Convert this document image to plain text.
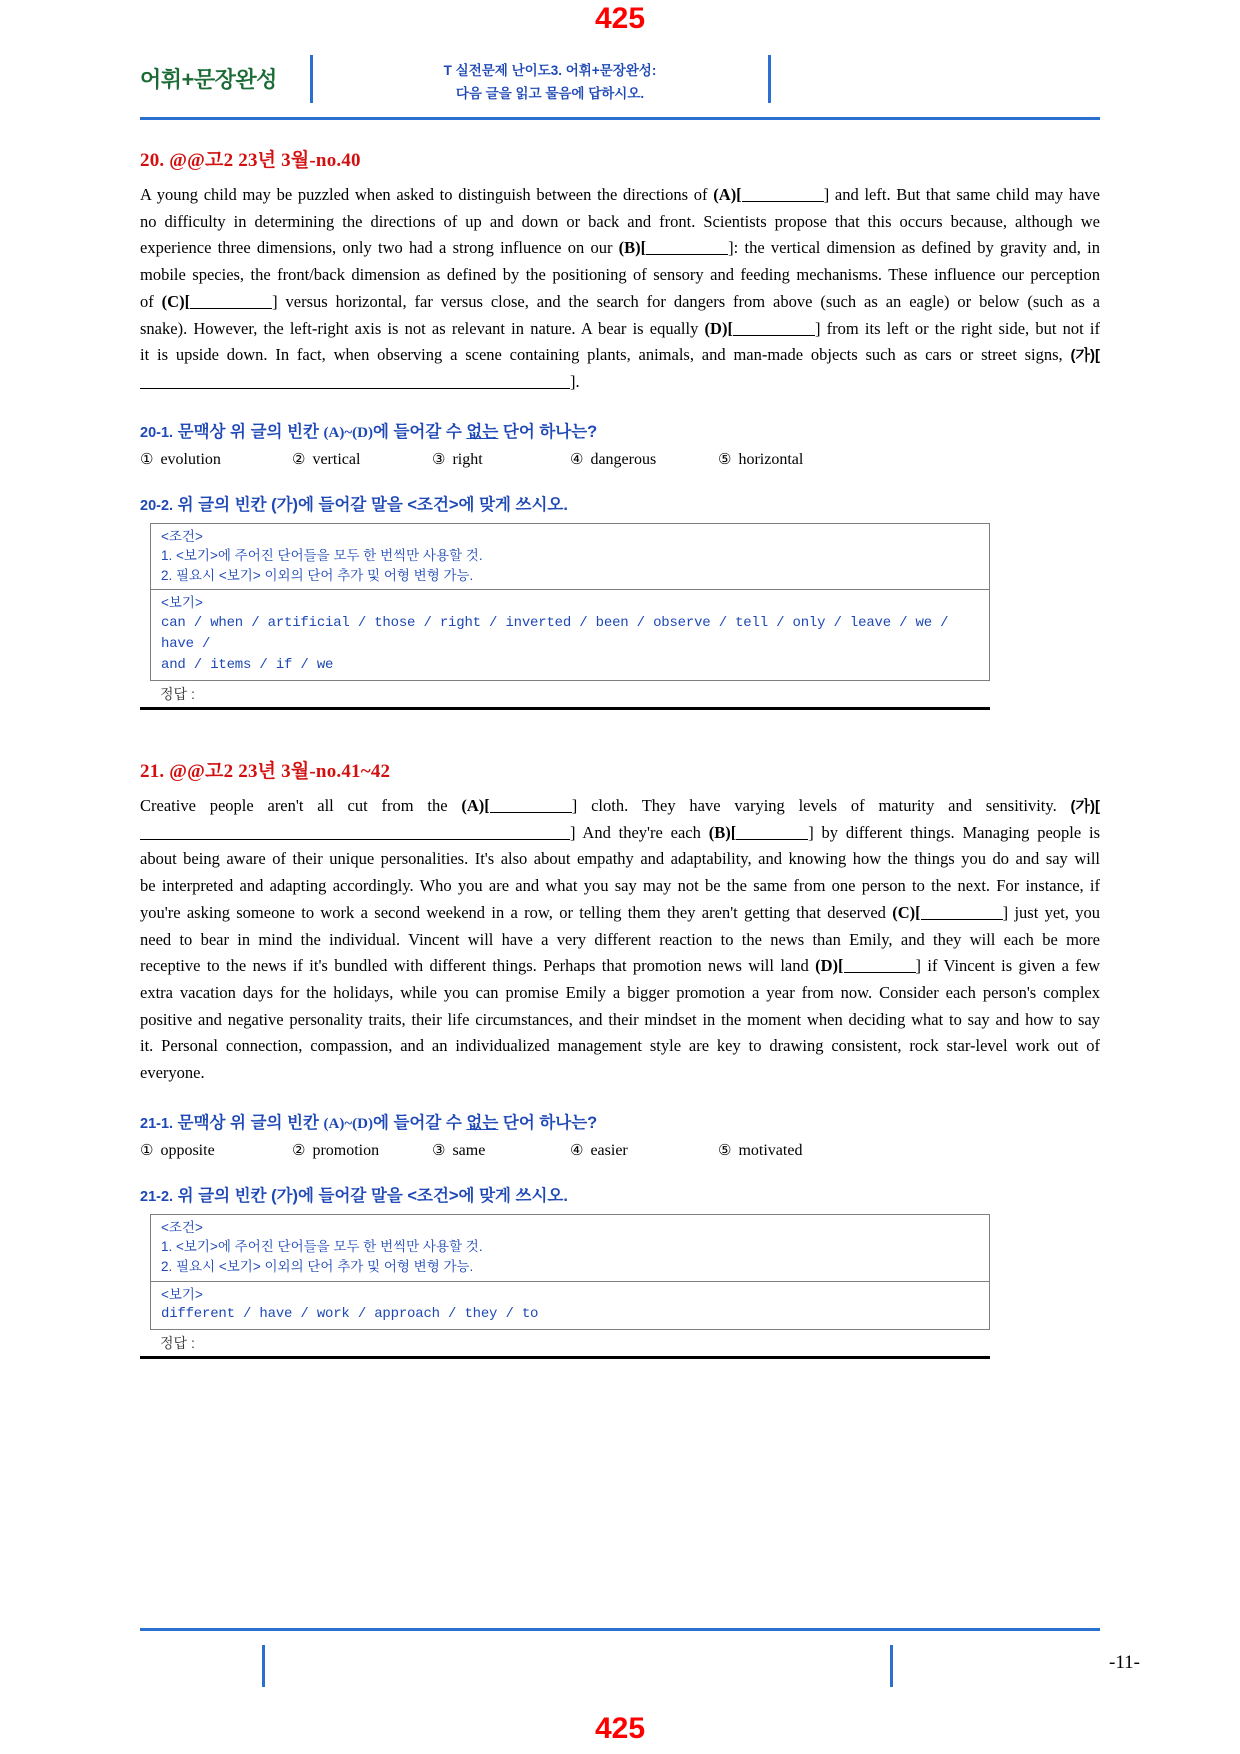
425
어휘+문장완성	T 실전문제 난이도3. 어휘+문장완성:
다음 글을 읽고 물음에 답하시오.

20. @@고2 23년 3월-no.40

A young child may be puzzled when asked to distinguish between the directions of (A)[	] and left. But that same child may have no difficulty in determining the directions of up and down or back and front. Scientists propose that this occurs because, although we experience three dimensions, only two had a strong influence on our (B)[	]: the vertical dimension as defined by gravity and, in mobile species, the front/back dimension as defined by the positioning of sensory and feeding mechanisms. These influence our perception of (C)[	] versus horizontal, far versus close, and the search for dangers from above (such as an eagle) or below (such as a snake). However, the left-right axis is not as relevant in nature. A bear is equally (D)[	] from its left or the right side, but not if it is upside down. In fact, when observing a scene containing plants, animals, and man-made objects such as cars or street signs, (가)[].

20-1. 문맥상 위 글의 빈칸 (A)~(D)에 들어갈 수 없는 단어 하나는?

① evolution	② vertical	③ right	④ dangerous	⑤ horizontal

20-2. 위 글의 빈칸 (가)에 들어갈 말을 <조건>에 맞게 쓰시오.

<조건>
1. <보기>에 주어진 단어들을 모두 한 번씩만 사용할 것.
2. 필요시 <보기> 이외의 단어 추가 및 어형 변형 가능.
<보기>
can / when / artificial / those / right / inverted / been / observe / tell / only / leave / we / have /
and / items / if / we
정답 :

21. @@고2 23년 3월-no.41~42

Creative people aren't all cut from the (A)[	] cloth. They have varying levels of maturity and sensitivity. (가)[] And they're each (B)[	] by different things. Managing people is about being aware of their unique personalities. It's also about empathy and adaptability, and knowing how the things you do and say will be interpreted and adapting accordingly. Who you are and what you say may not be the same from one person to the next. For instance, if you're asking someone to work a second weekend in a row, or telling them they aren't getting that deserved (C)[	] just yet, you need to bear in mind the individual. Vincent will have a very different reaction to the news than Emily, and they will each be more receptive to the news if it's bundled with different things. Perhaps that promotion news will land (D)[	] if Vincent is given a few extra vacation days for the holidays, while you can promise Emily a bigger promotion a year from now. Consider each person's complex positive and negative personality traits, their life circumstances, and their mindset in the moment when deciding what to say and how to say it. Personal connection, compassion, and an individualized management style are key to drawing consistent, rock star-level work out of everyone.

21-1. 문맥상 위 글의 빈칸 (A)~(D)에 들어갈 수 없는 단어 하나는?

① opposite	② promotion	③ same	④ easier	⑤ motivated

21-2. 위 글의 빈칸 (가)에 들어갈 말을 <조건>에 맞게 쓰시오.

<조건>
1. <보기>에 주어진 단어들을 모두 한 번씩만 사용할 것.
2. 필요시 <보기> 이외의 단어 추가 및 어형 변형 가능.
<보기>
different / have / work / approach / they / to
정답 :
-11-
425
